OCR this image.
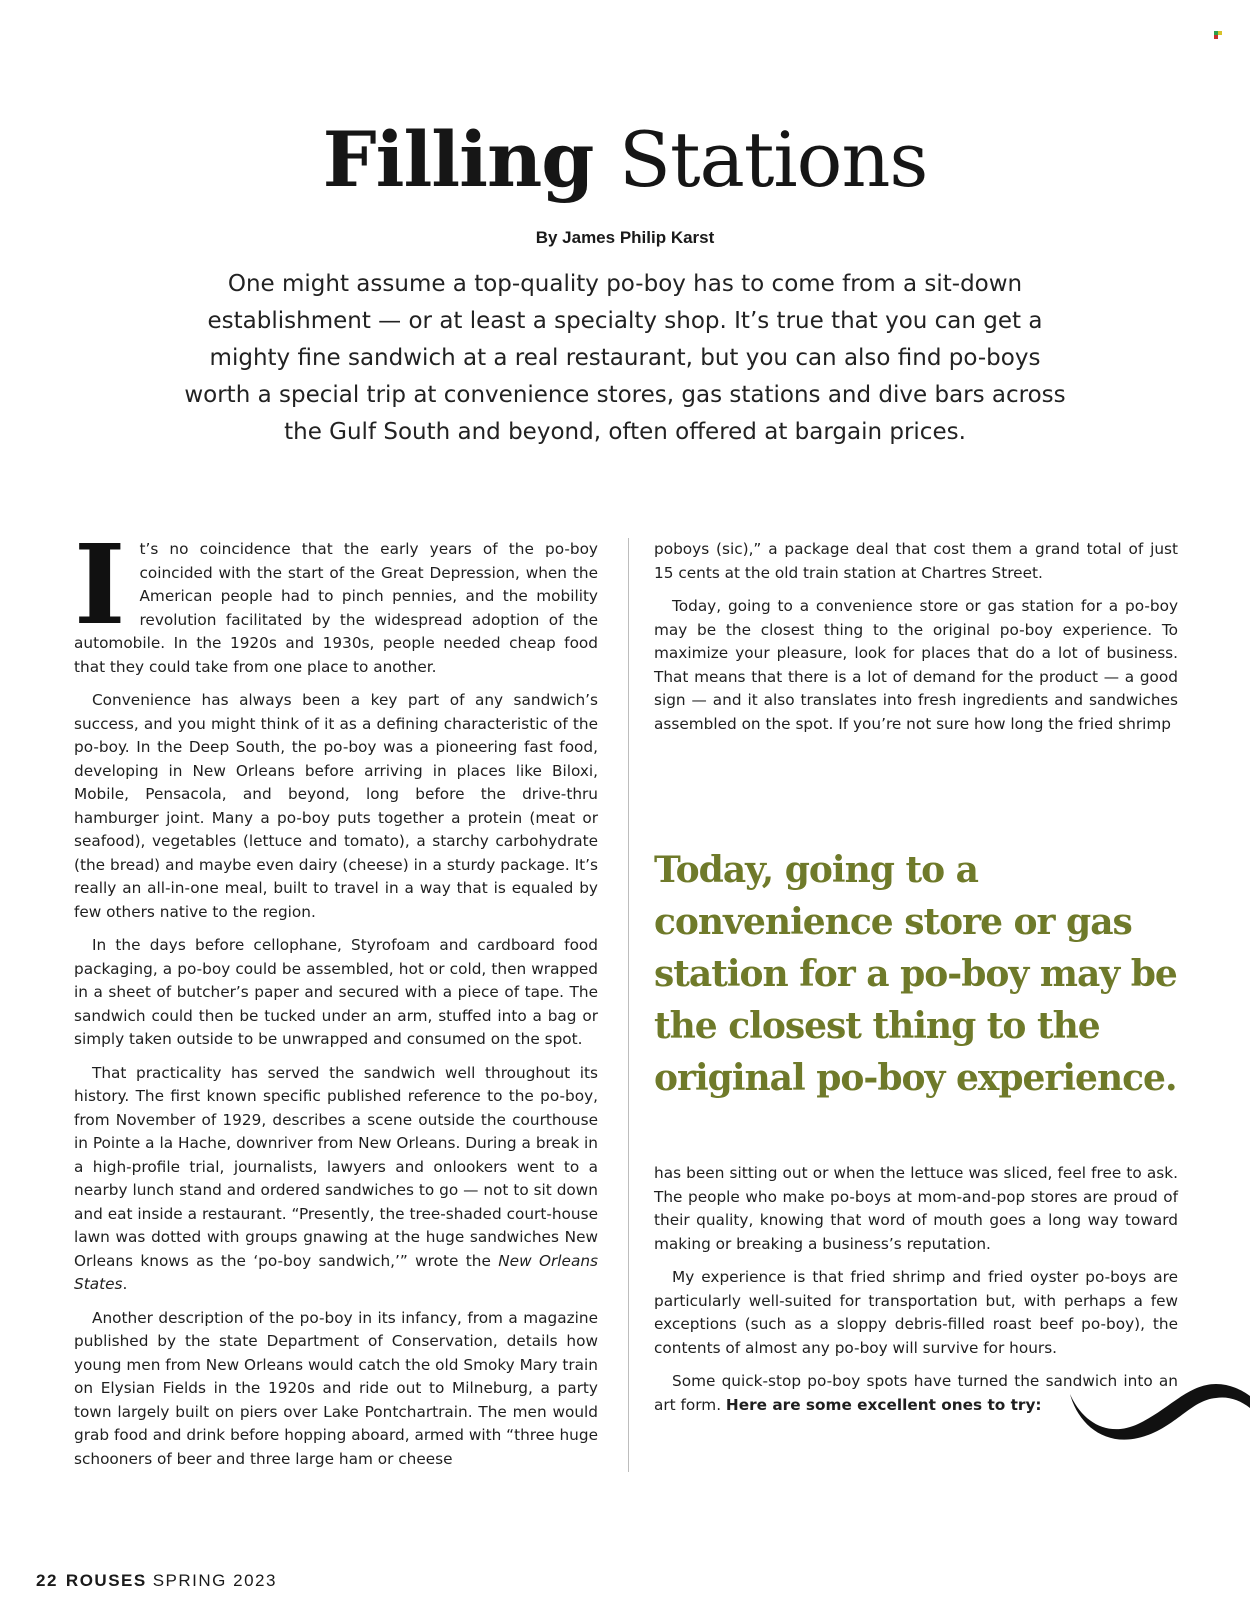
Filling Stations
By James Philip Karst

One might assume a top-quality po-boy has to come from a sit-down establishment — or at least a specialty shop. It’s true that you can get a mighty fine sandwich at a real restaurant, but you can also find po-boys worth a special trip at convenience stores, gas stations and dive bars across the Gulf South and beyond, often offered at bargain prices.

It’s no coincidence that the early years of the po-boy coincided with the start of the Great Depression, when the American people had to pinch pennies, and the mobility revolution facilitated by the widespread adoption of the automobile. In the 1920s and 1930s, people needed cheap food that they could take from one place to another.

Convenience has always been a key part of any sandwich’s success, and you might think of it as a defining characteristic of the po-boy. In the Deep South, the po-boy was a pioneering fast food, developing in New Orleans before arriving in places like Biloxi, Mobile, Pensacola, and beyond, long before the drive-thru hamburger joint. Many a po-boy puts together a protein (meat or seafood), vegetables (lettuce and tomato), a starchy carbohydrate (the bread) and maybe even dairy (cheese) in a sturdy package. It’s really an all-in-one meal, built to travel in a way that is equaled by few others native to the region.

In the days before cellophane, Styrofoam and cardboard food packaging, a po-boy could be assembled, hot or cold, then wrapped in a sheet of butcher’s paper and secured with a piece of tape. The sandwich could then be tucked under an arm, stuffed into a bag or simply taken outside to be unwrapped and consumed on the spot.

That practicality has served the sandwich well throughout its history. The first known specific published reference to the po-boy, from November of 1929, describes a scene outside the courthouse in Pointe a la Hache, downriver from New Orleans. During a break in a high-profile trial, journalists, lawyers and onlookers went to a nearby lunch stand and ordered sandwiches to go — not to sit down and eat inside a restaurant. “Presently, the tree-shaded court-house lawn was dotted with groups gnawing at the huge sandwiches New Orleans knows as the ‘po-boy sandwich,’” wrote the New Orleans States.

Another description of the po-boy in its infancy, from a magazine published by the state Department of Conservation, details how young men from New Orleans would catch the old Smoky Mary train on Elysian Fields in the 1920s and ride out to Milneburg, a party town largely built on piers over Lake Pontchartrain. The men would grab food and drink before hopping aboard, armed with “three huge schooners of beer and three large ham or cheese

poboys (sic),” a package deal that cost them a grand total of just 15 cents at the old train station at Chartres Street.

Today, going to a convenience store or gas station for a po-boy may be the closest thing to the original po-boy experience. To maximize your pleasure, look for places that do a lot of business. That means that there is a lot of demand for the product — a good sign — and it also translates into fresh ingredients and sandwiches assembled on the spot. If you’re not sure how long the fried shrimp

Today, going to a convenience store or gas station for a po-boy may be the closest thing to the original po-boy experience.

has been sitting out or when the lettuce was sliced, feel free to ask. The people who make po-boys at mom-and-pop stores are proud of their quality, knowing that word of mouth goes a long way toward making or breaking a business’s reputation.

My experience is that fried shrimp and fried oyster po-boys are particularly well-suited for transportation but, with perhaps a few exceptions (such as a sloppy debris-filled roast beef po-boy), the contents of almost any po-boy will survive for hours.

Some quick-stop po-boy spots have turned the sandwich into an art form. Here are some excellent ones to try:

22 ROUSES SPRING 2023
